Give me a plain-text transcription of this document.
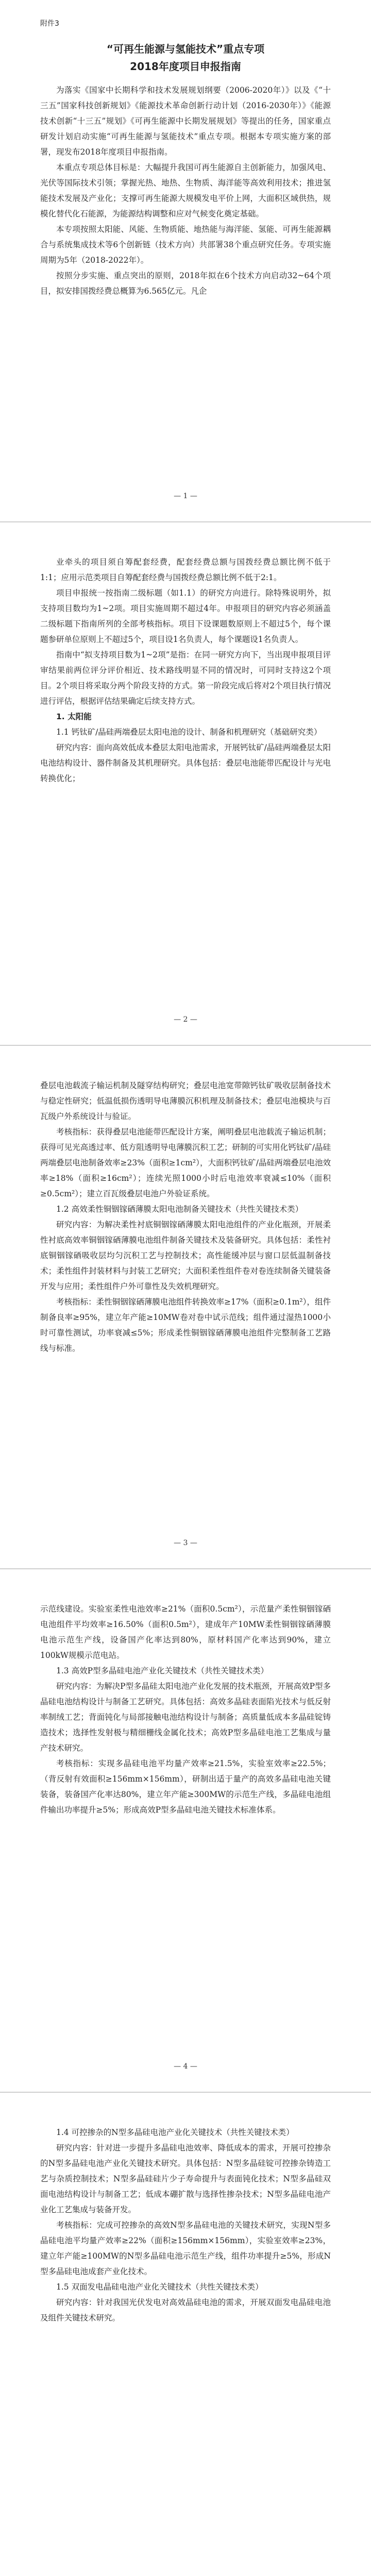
附件3

“可再生能源与氢能技术”重点专项

2018年度项目申报指南

为落实《国家中长期科学和技术发展规划纲要（2006-2020年）》以及《“十三五”国家科技创新规划》《能源技术革命创新行动计划（2016-2030年）》《能源技术创新“十三五”规划》《可再生能源中长期发展规划》等提出的任务，国家重点研发计划启动实施“可再生能源与氢能技术”重点专项。根据本专项实施方案的部署，现发布2018年度项目申报指南。

本重点专项总体目标是：大幅提升我国可再生能源自主创新能力，加强风电、光伏等国际技术引领；掌握光热、地热、生物质、海洋能等高效利用技术；推进氢能技术发展及产业化；支撑可再生能源大规模发电平价上网，大面积区域供热，规模化替代化石能源，为能源结构调整和应对气候变化奠定基础。

本专项按照太阳能、风能、生物质能、地热能与海洋能、氢能、可再生能源耦合与系统集成技术等6个创新链（技术方向）共部署38个重点研究任务。专项实施周期为5年（2018-2022年）。

按照分步实施、重点突出的原则，2018年拟在6个技术方向启动32~64个项目，拟安排国拨经费总概算为6.565亿元。凡企

— 1 —

业牵头的项目须自筹配套经费，配套经费总额与国拨经费总额比例不低于1:1；应用示范类项目自筹配套经费与国拨经费总额比例不低于2:1。

项目申报统一按指南二级标题（如1.1）的研究方向进行。除特殊说明外，拟支持项目数均为1~2项。项目实施周期不超过4年。申报项目的研究内容必须涵盖二级标题下指南所列的全部考核指标。项目下设课题数原则上不超过5个，每个课题参研单位原则上不超过5个，项目设1名负责人，每个课题设1名负责人。

指南中“拟支持项目数为1~2项”是指：在同一研究方向下，当出现申报项目评审结果前两位评分评价相近、技术路线明显不同的情况时，可同时支持这2个项目。2个项目将采取分两个阶段支持的方式。第一阶段完成后将对2个项目执行情况进行评估，根据评估结果确定后续支持方式。

1. 太阳能

1.1 钙钛矿/晶硅两端叠层太阳电池的设计、制备和机理研究（基础研究类）

研究内容：面向高效低成本叠层太阳电池需求，开展钙钛矿/晶硅两端叠层太阳电池结构设计、器件制备及其机理研究。具体包括：叠层电池能带匹配设计与光电转换优化；

— 2 —

叠层电池载流子输运机制及隧穿结构研究；叠层电池宽带隙钙钛矿吸收层制备技术与稳定性研究；低温低损伤透明导电薄膜沉积机理及制备技术；叠层电池模块与百瓦级户外系统设计与验证。

考核指标：获得叠层电池能带匹配设计方案，阐明叠层电池载流子输运机制；获得可见光高透过率、低方阻透明导电薄膜沉积工艺；研制的可实用化钙钛矿/晶硅两端叠层电池制备效率≥23%（面积≥1cm²），大面积钙钛矿/晶硅两端叠层电池效率≥18%（面积≥16cm²）；连续光照1000小时后电池效率衰减≤10%（面积≥0.5cm²）；建立百瓦级叠层电池户外验证系统。

1.2 高效柔性铜铟镓硒薄膜太阳电池制备关键技术（共性关键技术类）

研究内容：为解决柔性衬底铜铟镓硒薄膜太阳电池组件的产业化瓶颈，开展柔性衬底高效率铜铟镓硒薄膜电池组件制备关键技术及装备研究。具体包括：柔性衬底铜铟镓硒吸收层均匀沉积工艺与控制技术；高性能缓冲层与窗口层低温制备技术；柔性组件封装材料与封装工艺研究；大面积柔性组件卷对卷连续制备关键装备开发与应用；柔性组件户外可靠性及失效机理研究。

考核指标：柔性铜铟镓硒薄膜电池组件转换效率≥17%（面积≥0.1m²），组件制备良率≥95%，建立年产能≥10MW卷对卷中试示范线；组件通过湿热1000小时可靠性测试，功率衰减≤5%；形成柔性铜铟镓硒薄膜电池组件完整制备工艺路线与标准。

— 3 —

示范线建设。实验室柔性电池效率≥21%（面积0.5cm²），示范量产柔性铜铟镓硒电池组件平均效率≥16.50%（面积0.5m²），建成年产10MW柔性铜铟镓硒薄膜电池示范生产线，设备国产化率达到80%，原材料国产化率达到90%，建立100kW规模示范电站。

1.3 高效P型多晶硅电池产业化关键技术（共性关键技术类）

研究内容：为解决P型多晶硅太阳电池产业化发展的技术瓶颈，开展高效P型多晶硅电池结构设计与制备工艺研究。具体包括：高效多晶硅表面陷光技术与低反射率制绒工艺；背面钝化与局部接触电池结构设计与制备；高质量低成本多晶硅锭铸造技术；选择性发射极与精细栅线金属化技术；高效P型多晶硅电池工艺集成与量产技术研究。

考核指标：实现多晶硅电池平均量产效率≥21.5%，实验室效率≥22.5%；（背反射有效面积≥156mm×156mm），研制出适于量产的高效多晶硅电池关键装备，装备国产化率达80%，建立年产能≥300MW的示范生产线，多晶硅电池组件输出功率提升≥5%；形成高效P型多晶硅电池关键技术标准体系。

— 4 —

1.4 可控掺杂的N型多晶硅电池产业化关键技术（共性关键技术类）

研究内容：针对进一步提升多晶硅电池效率、降低成本的需求，开展可控掺杂的N型多晶硅电池产业化关键技术研究。具体包括：N型多晶硅锭可控掺杂铸造工艺与杂质控制技术；N型多晶硅硅片少子寿命提升与表面钝化技术；N型多晶硅双面电池结构设计与制备工艺；低成本硼扩散与选择性掺杂技术；N型多晶硅电池产业化工艺集成与装备开发。

考核指标：完成可控掺杂的高效N型多晶硅电池的关键技术研究，实现N型多晶硅电池平均量产效率≥22%（面积≥156mm×156mm），实验室效率≥23%，建立年产能≥100MW的N型多晶硅电池示范生产线，组件功率提升≥5%，形成N型多晶硅电池成套产业化技术。

1.5 双面发电晶硅电池产业化关键技术（共性关键技术类）

研究内容：针对我国光伏发电对高效晶硅电池的需求，开展双面发电晶硅电池及组件关键技术研究。
